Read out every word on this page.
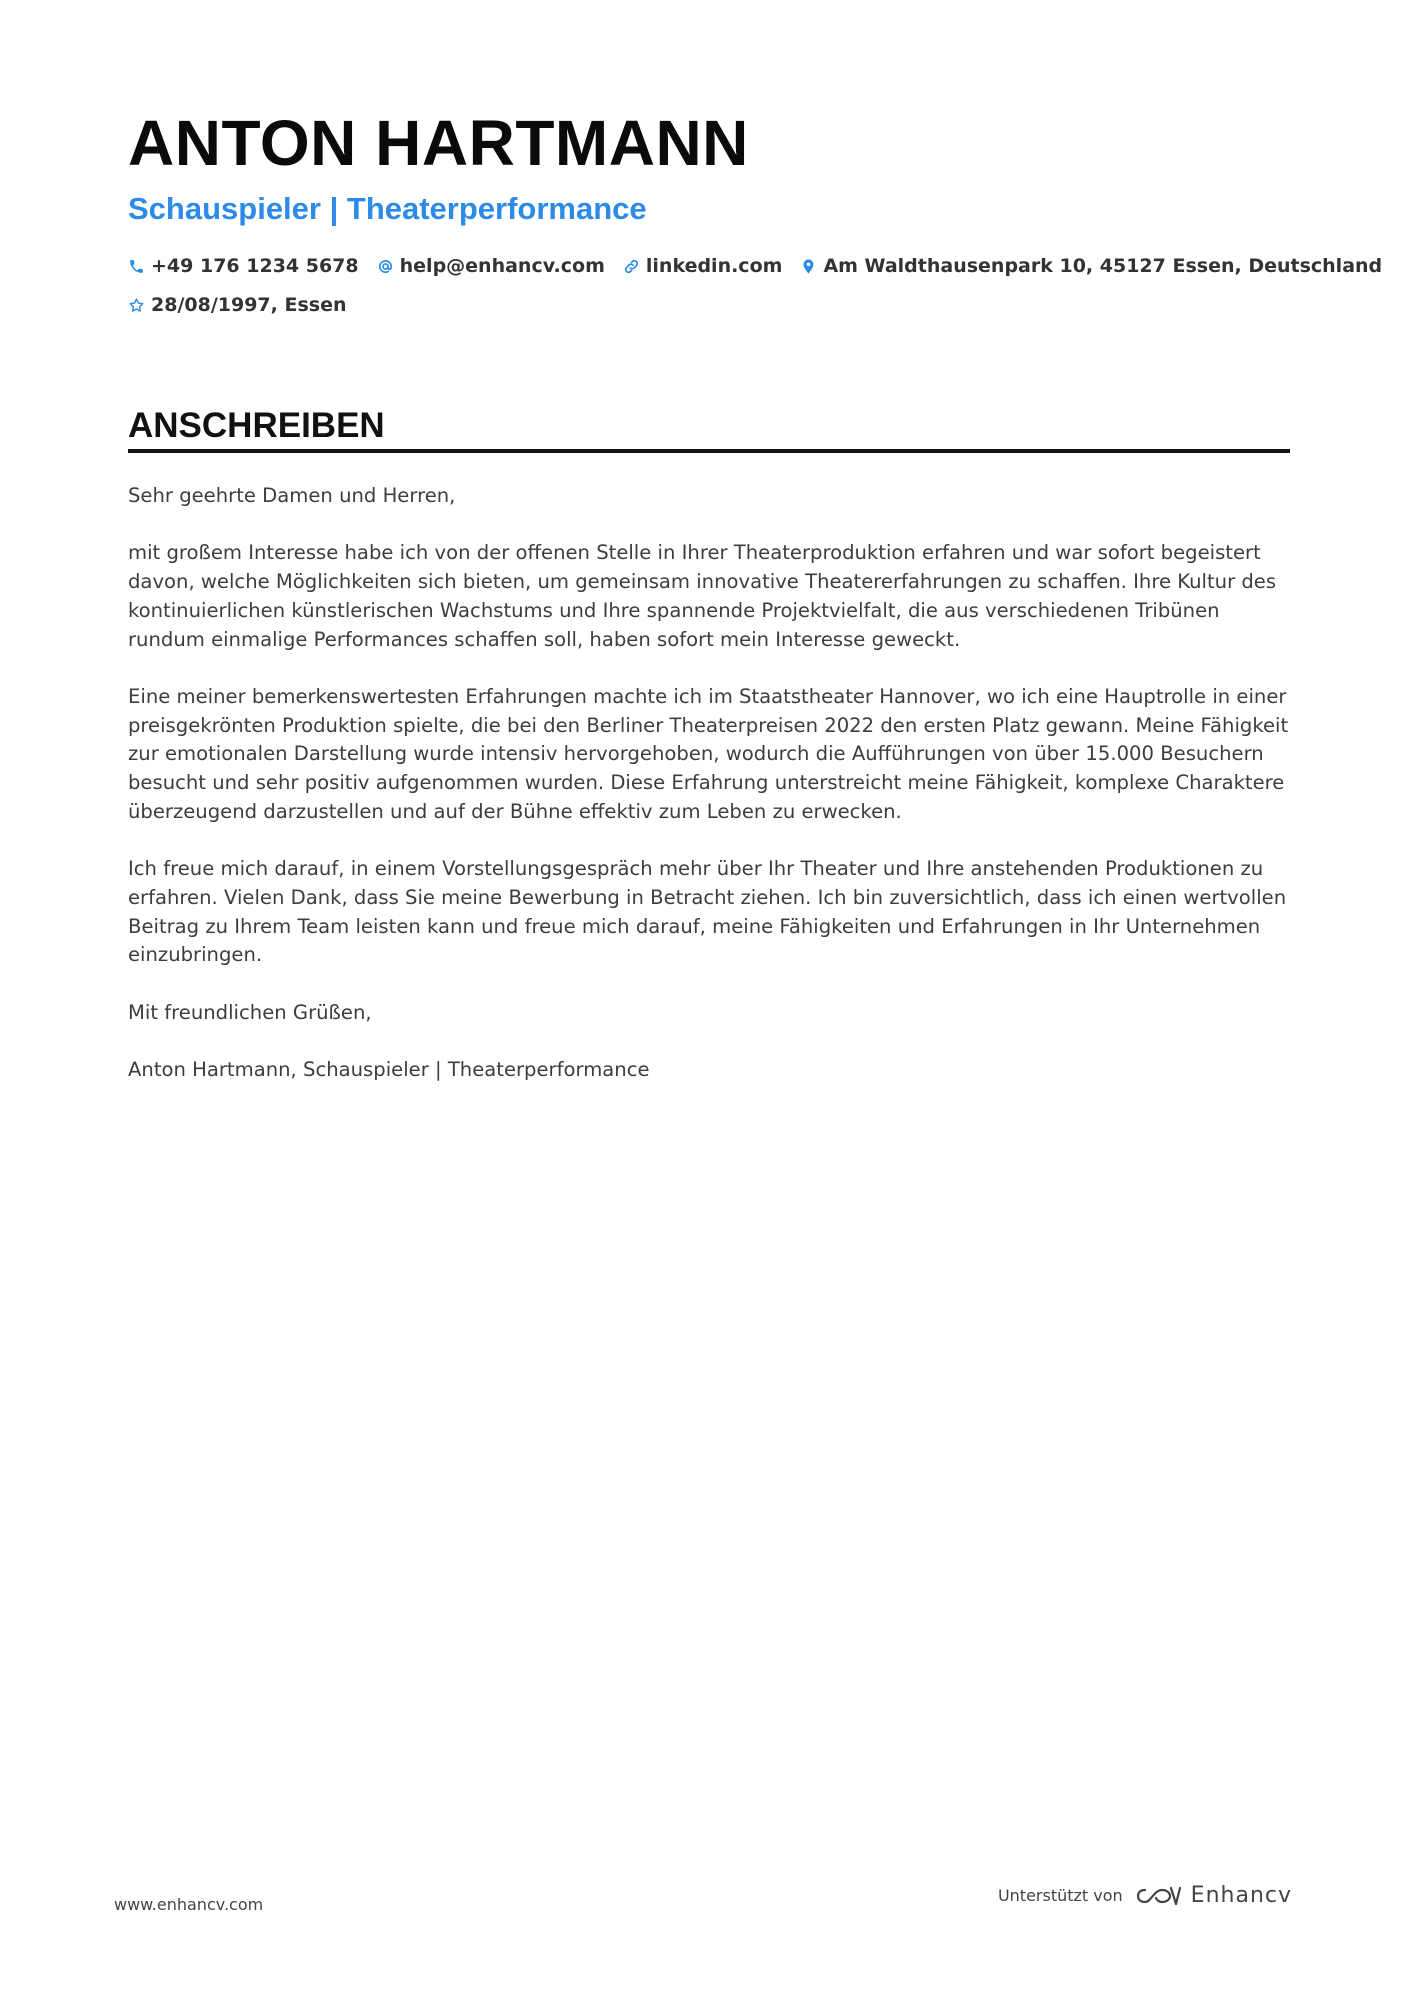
ANTON HARTMANN
Schauspieler | Theaterperformance
+49 176 1234 5678 help@enhancv.com linkedin.com Am Waldthausenpark 10, 45127 Essen, Deutschland
28/08/1997, Essen
ANSCHREIBEN

Sehr geehrte Damen und Herren,

mit großem Interesse habe ich von der offenen Stelle in Ihrer Theaterproduktion erfahren und war sofort begeistert davon, welche Möglichkeiten sich bieten, um gemeinsam innovative Theatererfahrungen zu schaffen. Ihre Kultur des kontinuierlichen künstlerischen Wachstums und Ihre spannende Projektvielfalt, die aus verschiedenen Tribünen rundum einmalige Performances schaffen soll, haben sofort mein Interesse geweckt.

Eine meiner bemerkenswertesten Erfahrungen machte ich im Staatstheater Hannover, wo ich eine Hauptrolle in einer preisgekrönten Produktion spielte, die bei den Berliner Theaterpreisen 2022 den ersten Platz gewann. Meine Fähigkeit zur emotionalen Darstellung wurde intensiv hervorgehoben, wodurch die Aufführungen von über 15.000 Besuchern besucht und sehr positiv aufgenommen wurden. Diese Erfahrung unterstreicht meine Fähigkeit, komplexe Charaktere überzeugend darzustellen und auf der Bühne effektiv zum Leben zu erwecken.

Ich freue mich darauf, in einem Vorstellungsgespräch mehr über Ihr Theater und Ihre anstehenden Produktionen zu erfahren. Vielen Dank, dass Sie meine Bewerbung in Betracht ziehen. Ich bin zuversichtlich, dass ich einen wertvollen Beitrag zu Ihrem Team leisten kann und freue mich darauf, meine Fähigkeiten und Erfahrungen in Ihr Unternehmen einzubringen.

Mit freundlichen Grüßen,

Anton Hartmann, Schauspieler | Theaterperformance

www.enhancv.com	Unterstützt von	Enhancv
